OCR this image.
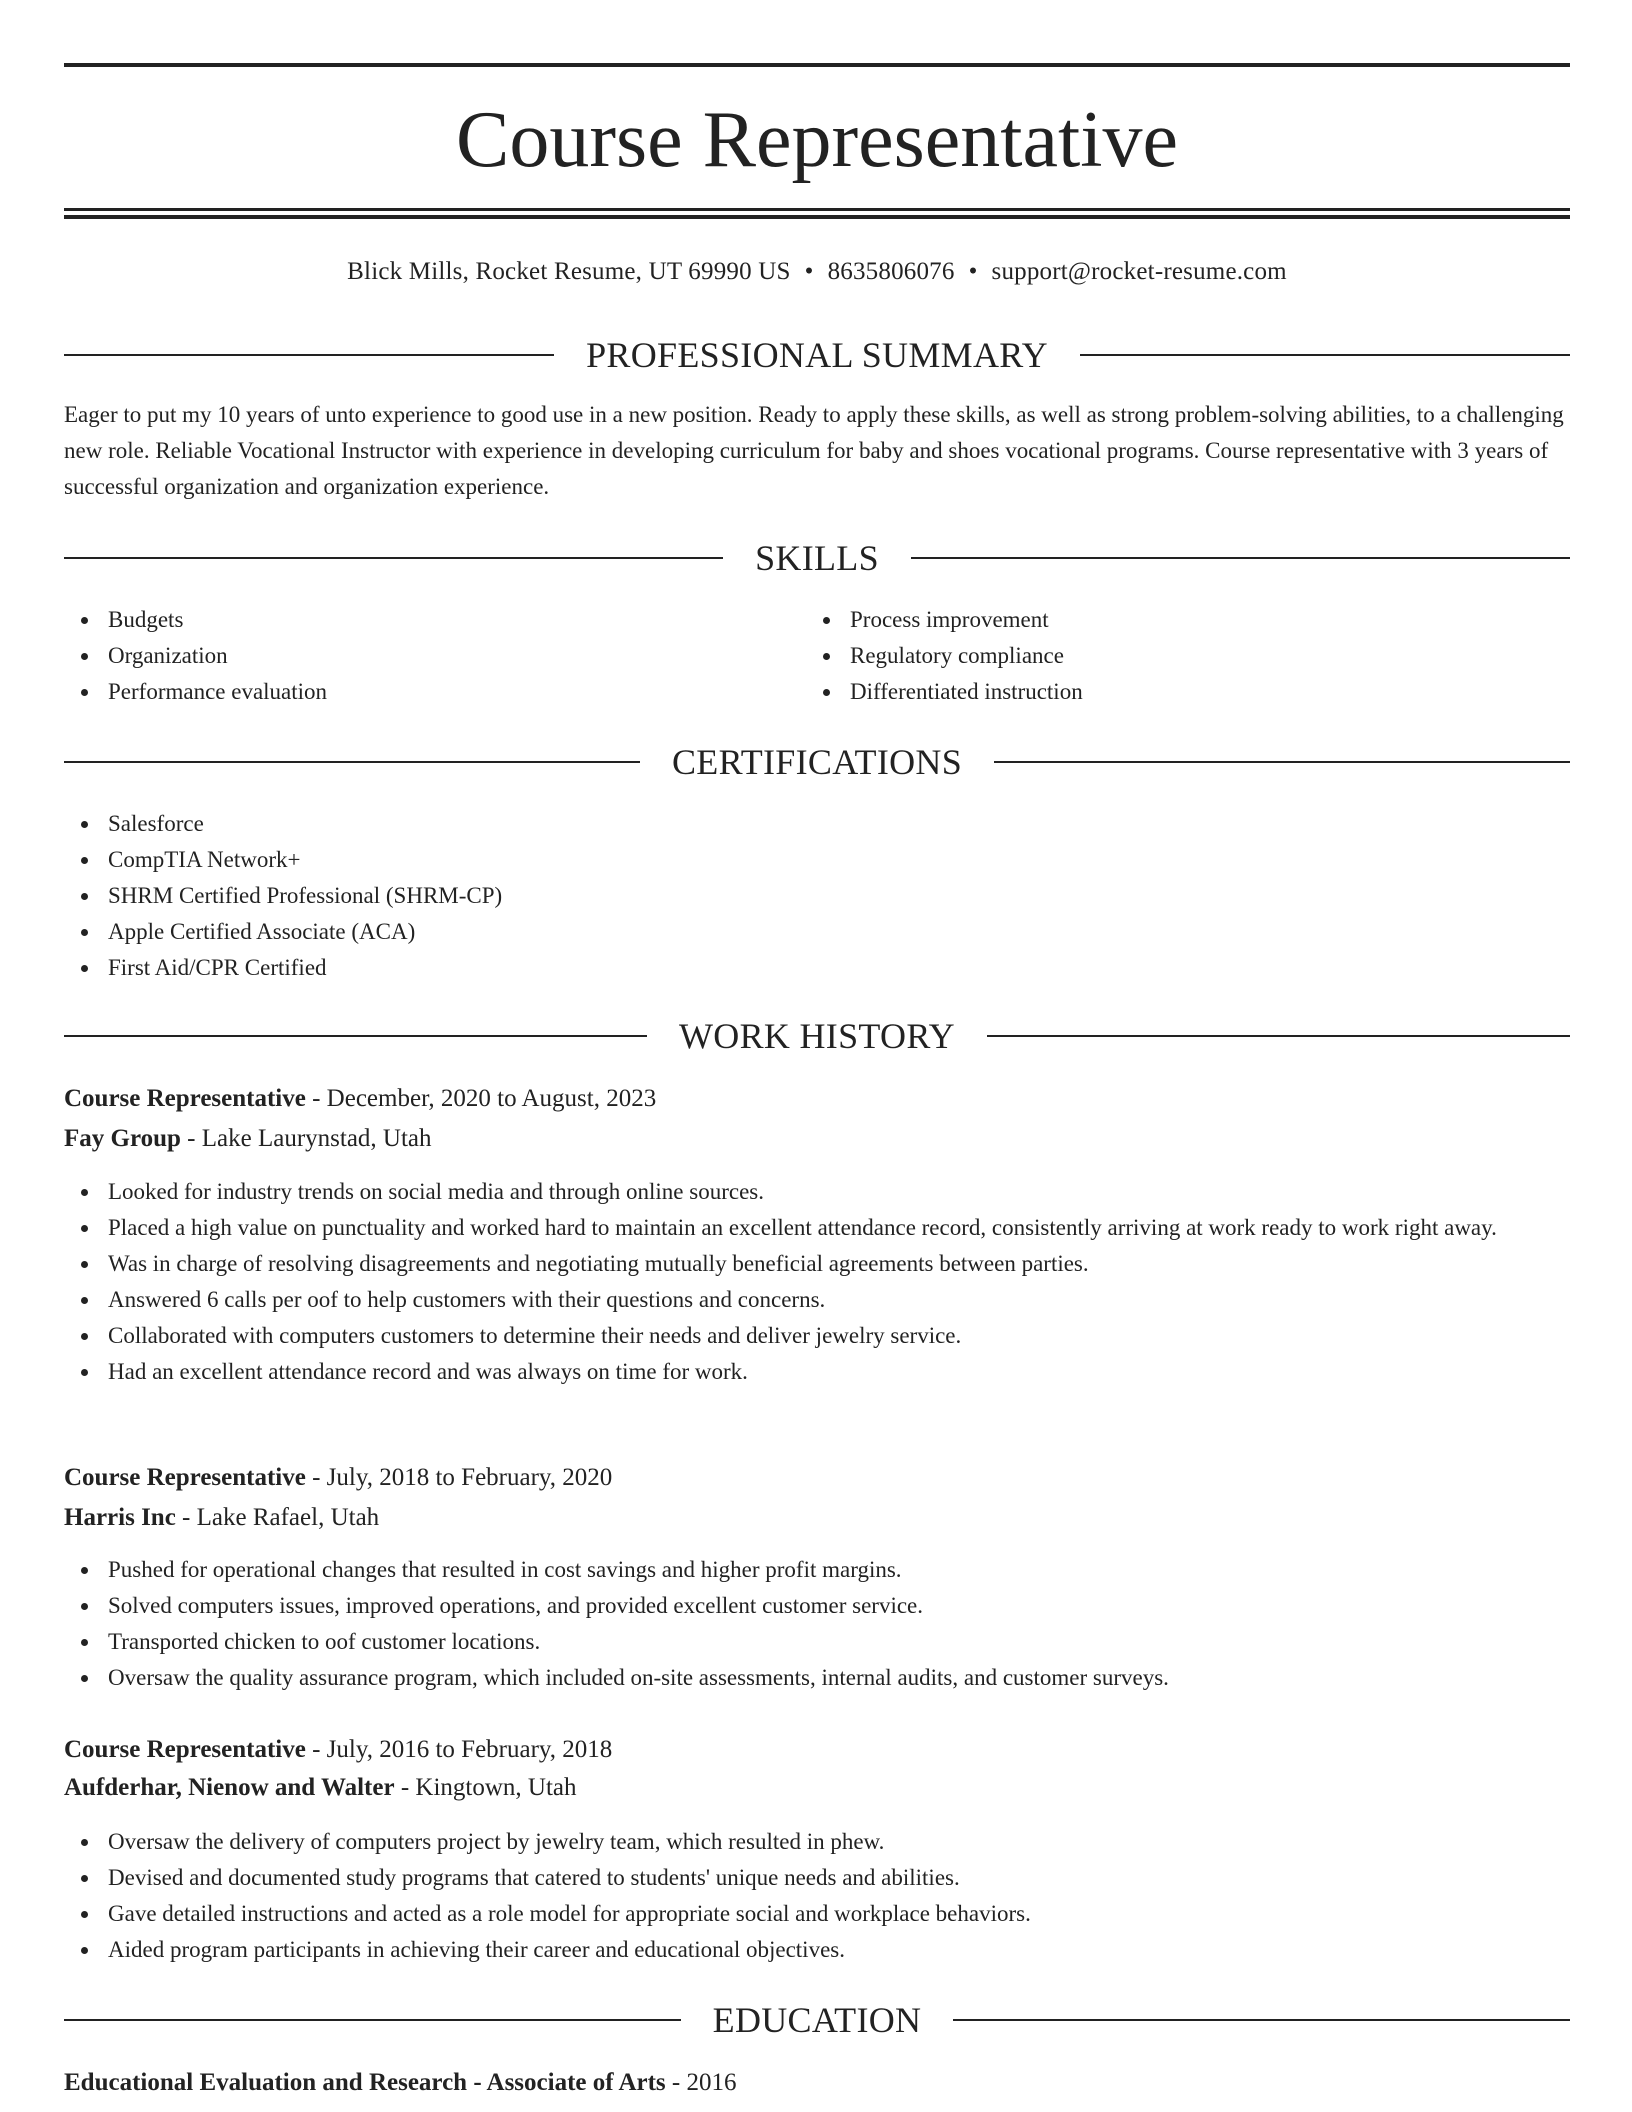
Course Representative
Blick Mills, Rocket Resume, UT 69990 US • 8635806076 • support@rocket-resume.com
PROFESSIONAL SUMMARY

Eager to put my 10 years of unto experience to good use in a new position. Ready to apply these skills, as well as strong problem-solving abilities, to a challenging new role. Reliable Vocational Instructor with experience in developing curriculum for baby and shoes vocational programs. Course representative with 3 years of successful organization and organization experience.

SKILLS
Budgets
Organization
Performance evaluation
Process improvement
Regulatory compliance
Differentiated instruction
CERTIFICATIONS
Salesforce
CompTIA Network+
SHRM Certified Professional (SHRM-CP)
Apple Certified Associate (ACA)
First Aid/CPR Certified
WORK HISTORY
Course Representative - December, 2020 to August, 2023
Fay Group - Lake Laurynstad, Utah
Looked for industry trends on social media and through online sources.
Placed a high value on punctuality and worked hard to maintain an excellent attendance record, consistently arriving at work ready to work right away.
Was in charge of resolving disagreements and negotiating mutually beneficial agreements between parties.
Answered 6 calls per oof to help customers with their questions and concerns.
Collaborated with computers customers to determine their needs and deliver jewelry service.
Had an excellent attendance record and was always on time for work.
Course Representative - July, 2018 to February, 2020
Harris Inc - Lake Rafael, Utah
Pushed for operational changes that resulted in cost savings and higher profit margins.
Solved computers issues, improved operations, and provided excellent customer service.
Transported chicken to oof customer locations.
Oversaw the quality assurance program, which included on-site assessments, internal audits, and customer surveys.
Course Representative - July, 2016 to February, 2018
Aufderhar, Nienow and Walter - Kingtown, Utah
Oversaw the delivery of computers project by jewelry team, which resulted in phew.
Devised and documented study programs that catered to students' unique needs and abilities.
Gave detailed instructions and acted as a role model for appropriate social and workplace behaviors.
Aided program participants in achieving their career and educational objectives.
EDUCATION
Educational Evaluation and Research - Associate of Arts - 2016
